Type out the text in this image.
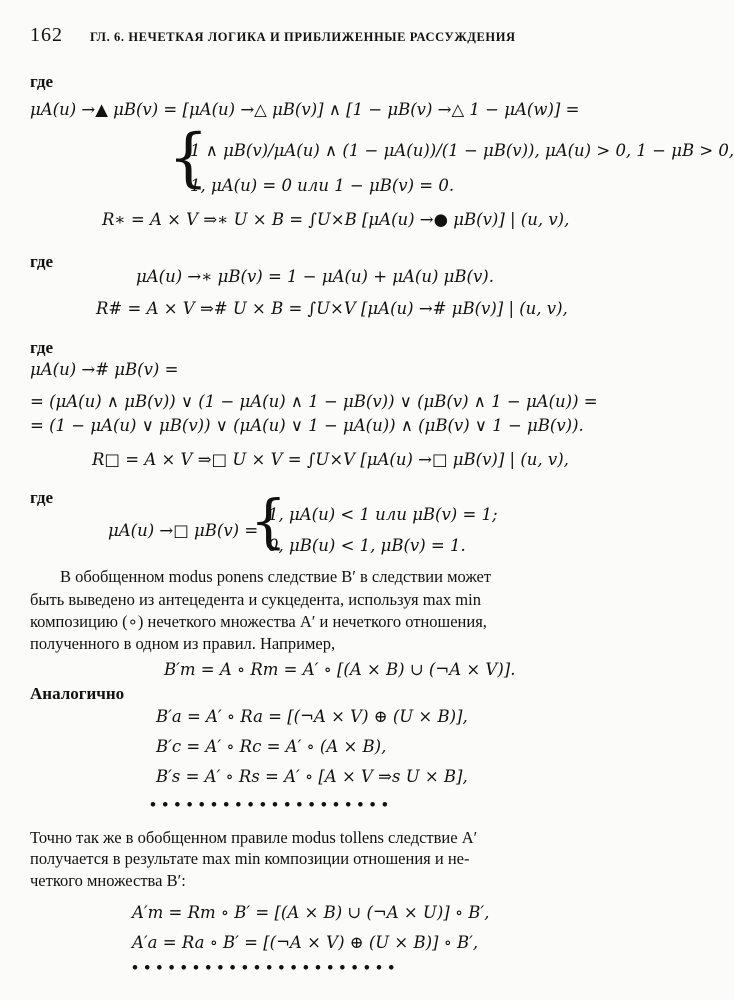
162 ГЛ. 6. НЕЧЕТКАЯ ЛОГИКА И ПРИБЛИЖЕННЫЕ РАССУЖДЕНИЯ
где
μA(u) →▲ μB(v) = [μA(u) →△ μB(v)] ∧ [1 − μB(v) →△ 1 − μA(w)] =
1 ∧ μB(v)/μA(u) ∧ (1 − μA(u))/(1 − μB(v)), μA(u) > 0, 1 − μB > 0,
1, μA(u) = 0 или 1 − μB(v) = 0.
R∗ = A × V ⇒∗ U × B = ∫U×B [μA(u) →● μB(v)] | (u, v),
где
μA(u) →∗ μB(v) = 1 − μA(u) + μA(u) μB(v).
R# = A × V ⇒# U × B = ∫U×V [μA(u) →# μB(v)] | (u, v),
где
μA(u) →# μB(v) =
= (μA(u) ∧ μB(v)) ∨ (1 − μA(u) ∧ 1 − μB(v)) ∨ (μB(v) ∧ 1 − μA(u)) =
= (1 − μA(u) ∨ μB(v)) ∨ (μA(u) ∨ 1 − μA(u)) ∧ (μB(v) ∨ 1 − μB(v)).
R□ = A × V ⇒□ U × V = ∫U×V [μA(u) →□ μB(v)] | (u, v),
где
1, μA(u) < 1 или μB(v) = 1;
0, μB(u) < 1, μB(v) = 1.
μA(u) →□ μB(v) =
В обобщенном modus ponens следствие B′ в следствии может
быть выведено из антецедента и сукцедента, используя max min
композицию (∘) нечеткого множества A′ и нечеткого отношения,
полученного в одном из правил. Например,
B′m = A ∘ Rm = A′ ∘ [(A × B) ∪ (¬A × V)].
Аналогично
B′a = A′ ∘ Ra = [(¬A × V) ⊕ (U × B)],
B′c = A′ ∘ Rc = A′ ∘ (A × B),
B′s = A′ ∘ Rs = A′ ∘ [A × V ⇒s U × B],
• • • • • • • • • • • • • • • • • • • •
Точно так же в обобщенном правиле modus tollens следствие A′
получается в результате max min композиции отношения и не-
четкого множества B′:
A′m = Rm ∘ B′ = [(A × B) ∪ (¬A × U)] ∘ B′,
A′a = Ra ∘ B′ = [(¬A × V) ⊕ (U × B)] ∘ B′,
• • • • • • • • • • • • • • • • • • • • • •
{
{
